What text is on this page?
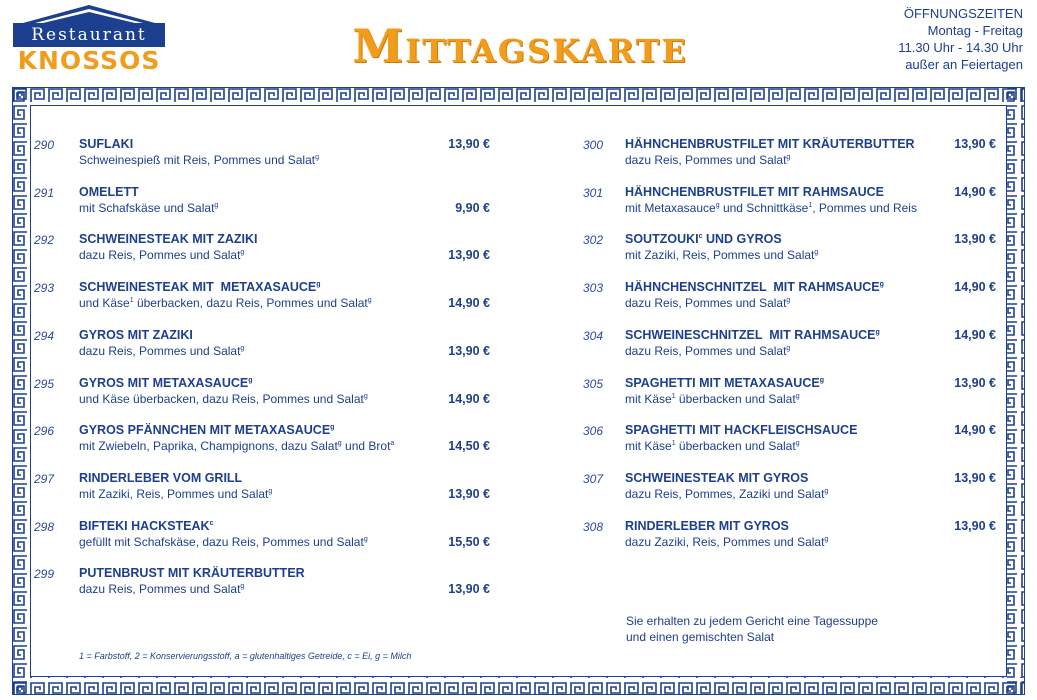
Restaurant
KNOSSOS	Mittagskarte
ÖFFNUNGSZEITEN
Montag - Freitag
11.30 Uhr - 14.30 Uhr
außer an Feiertagen
290 SUFLAKI
Schweinespieß mit Reis, Pommes und Salat$^g$
13,90 €
291 OMELETT
mit Schafskäse und Salat$^g$	9,90 €
292 SCHWEINESTEAK MIT ZAZIKI
dazu Reis, Pommes und Salat$^g$	13,90 €
293 SCHWEINESTEAK MIT  METAXASAUCE$^g$
und Käse$^1$ überbacken, dazu Reis, Pommes und Salat$^g$	14,90 €
294 GYROS MIT ZAZIKI
dazu Reis, Pommes und Salat$^g$	13,90 €
295 GYROS MIT METAXASAUCE$^g$
und Käse überbacken, dazu Reis, Pommes und Salat$^g$	14,90 €
296 GYROS PFÄNNCHEN MIT METAXASAUCE$^g$
mit Zwiebeln, Paprika, Champignons, dazu Salat$^g$ und Brot$^a$	14,50 €
297 RINDERLEBER VOM GRILL
mit Zaziki, Reis, Pommes und Salat$^g$	13,90 €
298 BIFTEKI HACKSTEAK$^c$
gefüllt mit Schafskäse, dazu Reis, Pommes und Salat$^g$	15,50 €
299 PUTENBRUST MIT KRÄUTERBUTTER
dazu Reis, Pommes und Salat$^g$	13,90 €
300 HÄHNCHENBRUSTFILET MIT KRÄUTERBUTTER
dazu Reis, Pommes und Salat$^g$
13,90 €
301 HÄHNCHENBRUSTFILET MIT RAHMSAUCE
mit Metaxasauce$^g$ und Schnittkäse$^1$, Pommes und Reis
14,90 €
302 SOUTZOUKI$^c$ UND GYROS
mit Zaziki, Reis, Pommes und Salat$^g$
13,90 €
303 HÄHNCHENSCHNITZEL  MIT RAHMSAUCE$^g$
dazu Reis, Pommes und Salat$^g$
14,90 €
304 SCHWEINESCHNITZEL  MIT RAHMSAUCE$^g$
dazu Reis, Pommes und Salat$^g$
14,90 €
305 SPAGHETTI MIT METAXASAUCE$^g$
mit Käse$^1$ überbacken und Salat$^g$
13,90 €
306 SPAGHETTI MIT HACKFLEISCHSAUCE
mit Käse$^1$ überbacken und Salat$^g$
14,90 €
307 SCHWEINESTEAK MIT GYROS
dazu Reis, Pommes, Zaziki und Salat$^g$
13,90 €
308 RINDERLEBER MIT GYROS
dazu Zaziki, Reis, Pommes und Salat$^g$
13,90 €
Sie erhalten zu jedem Gericht eine Tagessuppe
und einen gemischten Salat
1 = Farbstoff, 2 = Konservierungsstoff, a = glutenhaltiges Getreide, c = Ei, g = Milch
